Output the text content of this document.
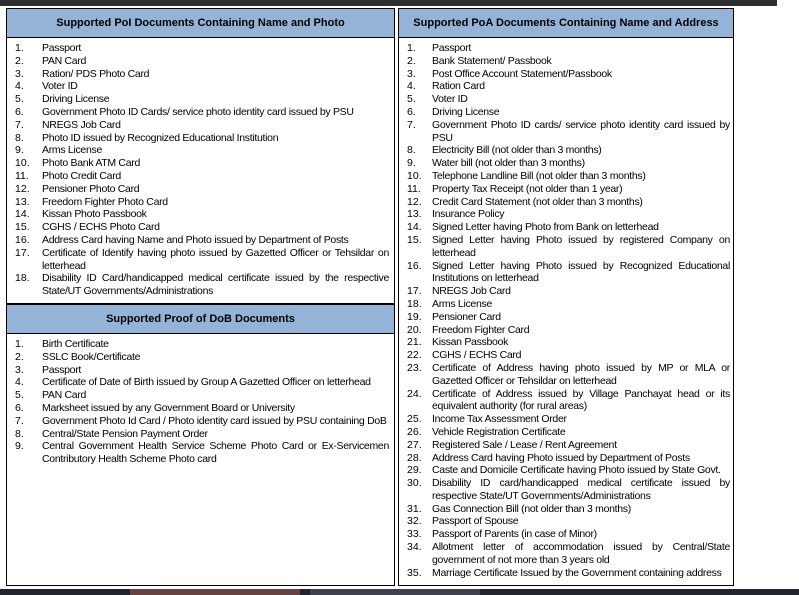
Supported PoI Documents Containing Name and Photo
Passport
PAN Card
Ration/ PDS Photo Card
Voter ID
Driving License
Government Photo ID Cards/ service photo identity card issued by PSU
NREGS Job Card
Photo ID issued by Recognized Educational Institution
Arms License
Photo Bank ATM Card
Photo Credit Card
Pensioner Photo Card
Freedom Fighter Photo Card
Kissan Photo Passbook
CGHS / ECHS Photo Card
Address Card having Name and Photo issued by Department of Posts
Certificate of Identify having photo issued by Gazetted Officer or Tehsildar on letterhead
Disability ID Card/handicapped medical certificate issued by the respective State/UT Governments/Administrations
Supported Proof of DoB Documents
Birth Certificate
SSLC Book/Certificate
Passport
Certificate of Date of Birth issued by Group A Gazetted Officer on letterhead
PAN Card
Marksheet issued by any Government Board or University
Government Photo Id Card / Photo identity card issued by PSU containing DoB
Central/State Pension Payment Order
Central Government Health Service Scheme Photo Card or Ex-Servicemen Contributory Health Scheme Photo card
Supported PoA Documents Containing Name and Address
Passport
Bank Statement/ Passbook
Post Office Account Statement/Passbook
Ration Card
Voter ID
Driving License
Government Photo ID cards/ service photo identity card issued by PSU
Electricity Bill (not older than 3 months)
Water bill (not older than 3 months)
Telephone Landline Bill (not older than 3 months)
Property Tax Receipt (not older than 1 year)
Credit Card Statement (not older than 3 months)
Insurance Policy
Signed Letter having Photo from Bank on letterhead
Signed Letter having Photo issued by registered Company on letterhead
Signed Letter having Photo issued by Recognized Educational Institutions on letterhead
NREGS Job Card
Arms License
Pensioner Card
Freedom Fighter Card
Kissan Passbook
CGHS / ECHS Card
Certificate of Address having photo issued by MP or MLA or Gazetted Officer or Tehsildar on letterhead
Certificate of Address issued by Village Panchayat head or its equivalent authority (for rural areas)
Income Tax Assessment Order
Vehicle Registration Certificate
Registered Sale / Lease / Rent Agreement
Address Card having Photo issued by Department of Posts
Caste and Domicile Certificate having Photo issued by State Govt.
Disability ID card/handicapped medical certificate issued by respective State/UT Governments/Administrations
Gas Connection Bill (not older than 3 months)
Passport of Spouse
Passport of Parents (in case of Minor)
Allotment letter of accommodation issued by Central/State government of not more than 3 years old
Marriage Certificate Issued by the Government containing address
